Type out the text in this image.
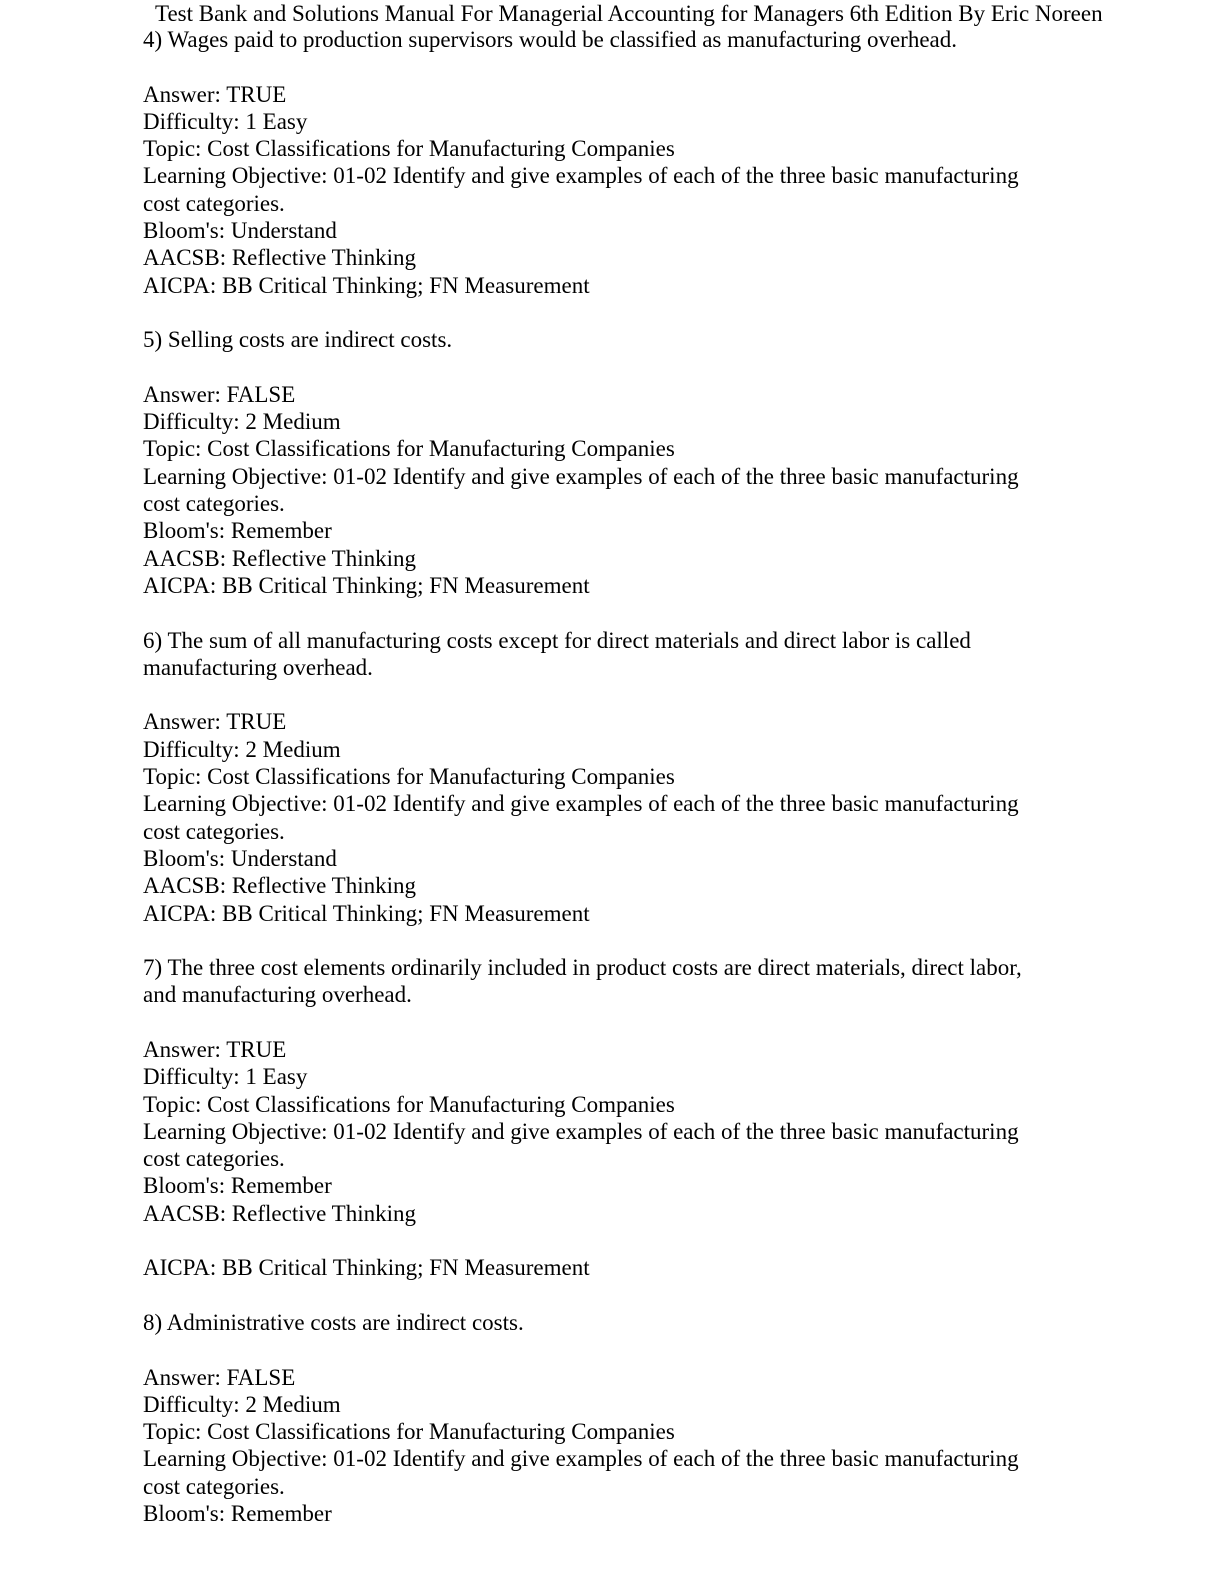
Test Bank and Solutions Manual For Managerial Accounting for Managers 6th Edition By Eric Noreen
4) Wages paid to production supervisors would be classified as manufacturing overhead.
Answer: TRUE
Difficulty: 1 Easy
Topic: Cost Classifications for Manufacturing Companies
Learning Objective: 01-02 Identify and give examples of each of the three basic manufacturing
cost categories.
Bloom's: Understand
AACSB: Reflective Thinking
AICPA: BB Critical Thinking; FN Measurement
5) Selling costs are indirect costs.
Answer: FALSE
Difficulty: 2 Medium
Topic: Cost Classifications for Manufacturing Companies
Learning Objective: 01-02 Identify and give examples of each of the three basic manufacturing
cost categories.
Bloom's: Remember
AACSB: Reflective Thinking
AICPA: BB Critical Thinking; FN Measurement
6) The sum of all manufacturing costs except for direct materials and direct labor is called
manufacturing overhead.
Answer: TRUE
Difficulty: 2 Medium
Topic: Cost Classifications for Manufacturing Companies
Learning Objective: 01-02 Identify and give examples of each of the three basic manufacturing
cost categories.
Bloom's: Understand
AACSB: Reflective Thinking
AICPA: BB Critical Thinking; FN Measurement
7) The three cost elements ordinarily included in product costs are direct materials, direct labor,
and manufacturing overhead.
Answer: TRUE
Difficulty: 1 Easy
Topic: Cost Classifications for Manufacturing Companies
Learning Objective: 01-02 Identify and give examples of each of the three basic manufacturing
cost categories.
Bloom's: Remember
AACSB: Reflective Thinking
AICPA: BB Critical Thinking; FN Measurement
8) Administrative costs are indirect costs.
Answer: FALSE
Difficulty: 2 Medium
Topic: Cost Classifications for Manufacturing Companies
Learning Objective: 01-02 Identify and give examples of each of the three basic manufacturing
cost categories.
Bloom's: Remember
